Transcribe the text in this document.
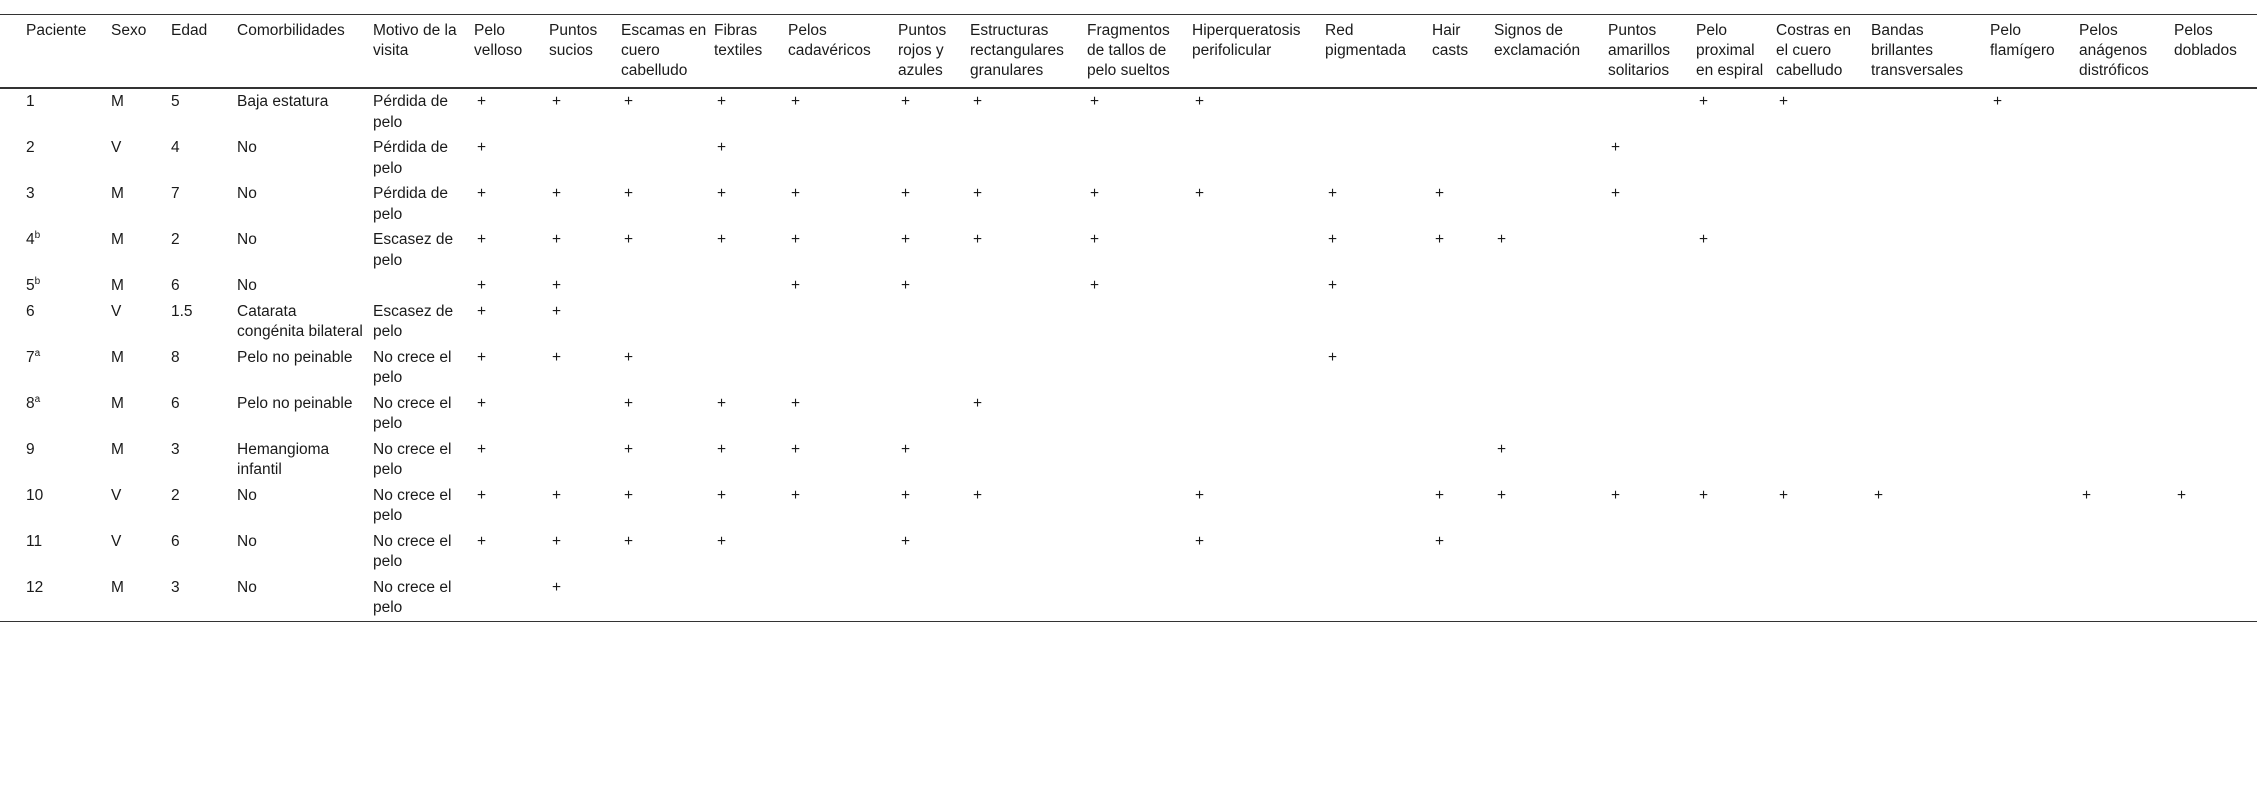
Paciente	Sexo	Edad	Comorbilidades	Motivo de la visita	Pelo velloso	Puntos sucios	Escamas en cuero cabelludo	Fibras textiles	Pelos cadavéricos	Puntos rojos y azules	Estructuras rectangulares granulares	Fragmentos de tallos de pelo sueltos	Hiperqueratosis perifolicular	Red pigmentada	Hair casts	Signos de exclamación	Puntos amarillos solitarios	Pelo proximal en espiral	Costras en el cuero cabelludo	Bandas brillantes transversales	Pelo flamígero	Pelos anágenos distróficos	Pelos doblados
1	M	5	Baja estatura	Pérdida de pelo	+	+	+	+	+	+	+	+	+					+	+		+		
2	V	4	No	Pérdida de pelo	+			+									+						
3	M	7	No	Pérdida de pelo	+	+	+	+	+	+	+	+	+	+	+		+						
4$^b$	M	2	No	Escasez de pelo	+	+	+	+	+	+	+	+		+	+	+		+					
5$^b$	M	6	No		+	+			+	+		+		+									
6	V	1.5	Catarata congénita bilateral	Escasez de pelo	+	+																	
7$^a$	M	8	Pelo no peinable	No crece el pelo	+	+	+							+									
8$^a$	M	6	Pelo no peinable	No crece el pelo	+		+	+	+		+												
9	M	3	Hemangioma infantil	No crece el pelo	+		+	+	+	+						+							
10	V	2	No	No crece el pelo	+	+	+	+	+	+	+		+		+	+	+	+	+	+		+	+
11	V	6	No	No crece el pelo	+	+	+	+		+			+		+								
12	M	3	No	No crece el pelo		+																	
